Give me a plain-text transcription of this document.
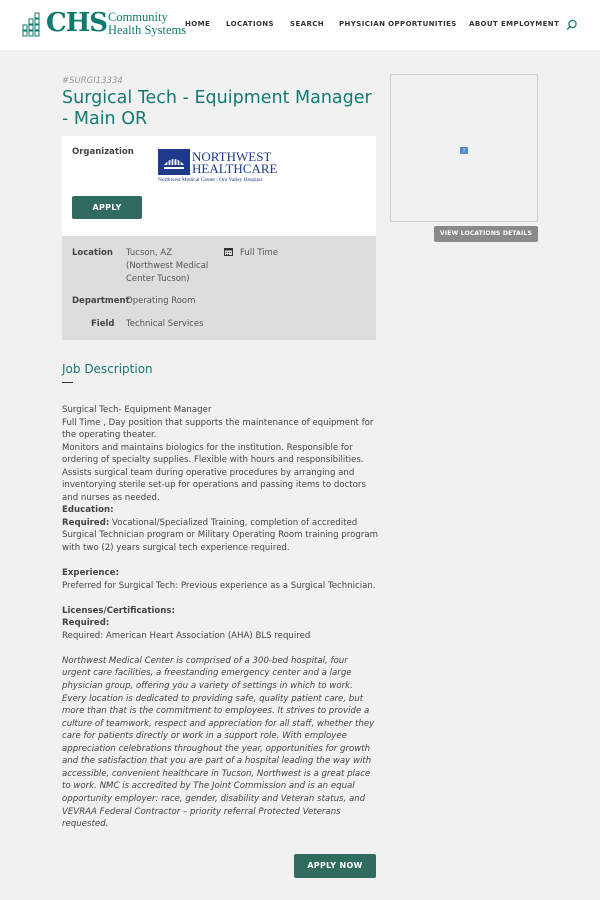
CHS Community
Health Systems
HOME LOCATIONS SEARCH PHYSICIAN OPPORTUNITIES ABOUT EMPLOYMENT
#SURGI13334
Surgical Tech - Equipment Manager - Main OR
Organization	NORTHWEST
HEALTHCARE
Northwest Medical Center | Oro Valley Hospital
APPLY
Location	Tucson, AZ (Northwest Medical Center Tucson)
Full Time
Department
Operating Room
Field Technical Services
Job Description

Surgical Tech- Equipment Manager

Full Time , Day position that supports the maintenance of equipment for the operating theater.

Monitors and maintains biologics for the institution. Responsible for ordering of specialty supplies. Flexible with hours and responsibilities. Assists surgical team during operative procedures by arranging and inventorying sterile set-up for operations and passing items to doctors and nurses as needed.

Education:

Required: Vocational/Specialized Training, completion of accredited Surgical Technician program or Military Operating Room training program with two (2) years surgical tech experience required.

Experience:

Preferred for Surgical Tech: Previous experience as a Surgical Technician.

Licenses/Certifications:

Required:

Required: American Heart Association (AHA) BLS required

Northwest Medical Center is comprised of a 300-bed hospital, four urgent care facilities, a freestanding emergency center and a large physician group, offering you a variety of settings in which to work. Every location is dedicated to providing safe, quality patient care, but more than that is the commitment to employees. It strives to provide a culture of teamwork, respect and appreciation for all staff, whether they care for patients directly or work in a support role. With employee appreciation celebrations throughout the year, opportunities for growth and the satisfaction that you are part of a hospital leading the way with accessible, convenient healthcare in Tucson, Northwest is a great place to work. NMC is accredited by The Joint Commission and is an equal opportunity employer: race, gender, disability and Veteran status, and VEVRAA Federal Contractor – priority referral Protected Veterans requested.

APPLY NOW
?
VIEW LOCATIONS DETAILS
